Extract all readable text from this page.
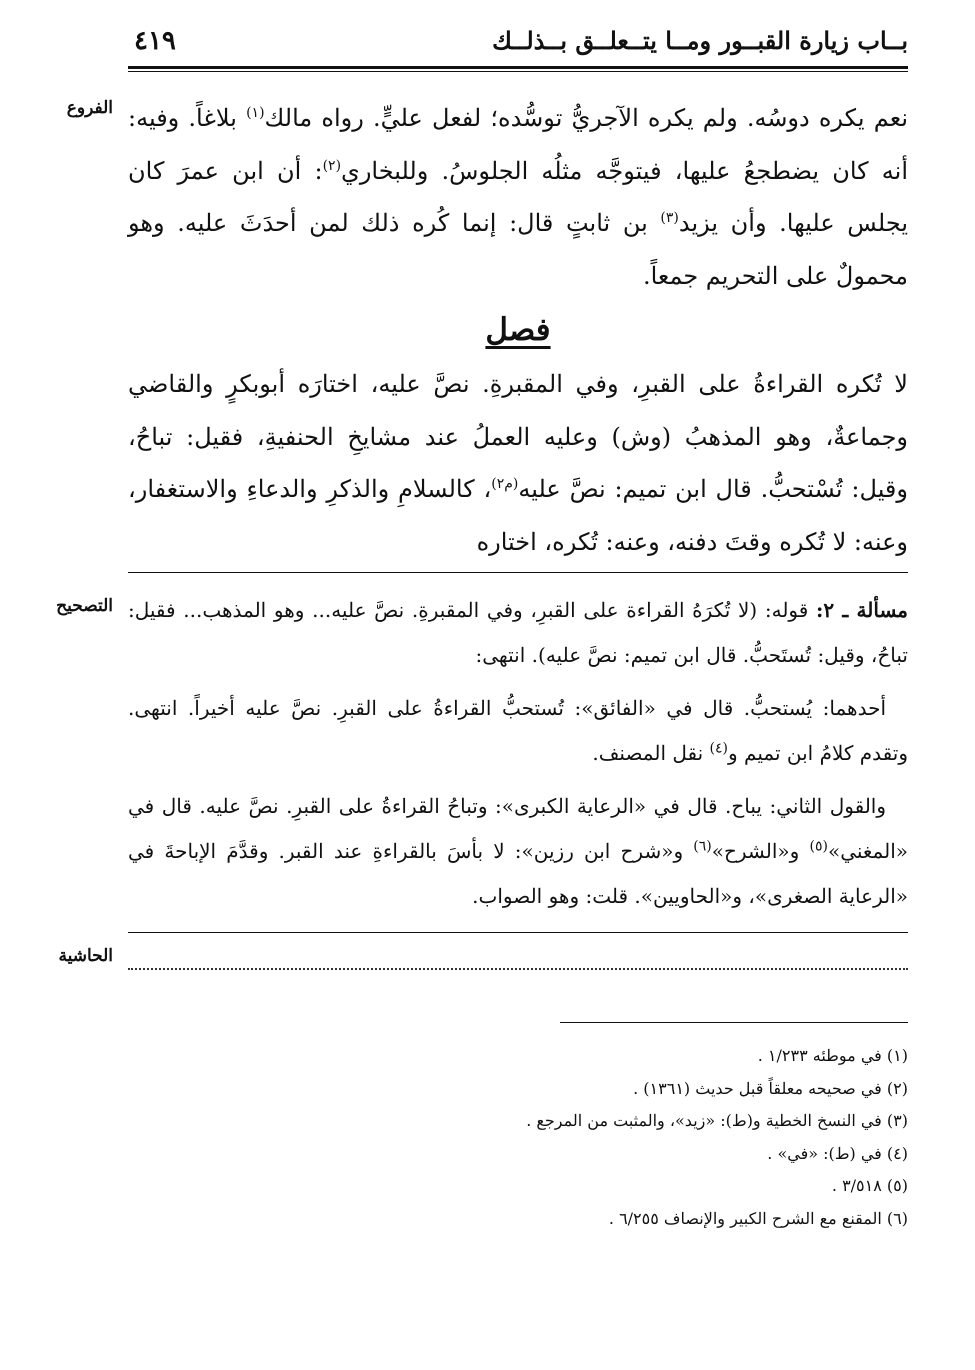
بــاب زيارة القبــور ومــا يتــعلــق بــذلــك
٤١٩
الفروع	نعم يكره دوسُه. ولم يكره الآجريُّ توسُّده؛ لفعل عليٍّ. رواه مالك$^{(١)}$ بلاغاً. وفيه: أنه كان يضطجعُ عليها، فيتوجَّه مثلُه الجلوسُ. وللبخاري$^{(٢)}$: أن ابن عمرَ كان يجلس عليها. وأن يزيد$^{(٣)}$ بن ثابتٍ قال: إنما كُره ذلك لمن أحدَثَ عليه. وهو محمولٌ على التحريم جمعاً.

فصل

لا تُكره القراءةُ على القبرِ، وفي المقبرةِ. نصَّ عليه، اختارَه أبوبكرٍ والقاضي وجماعةٌ، وهو المذهبُ (وش) وعليه العملُ عند مشايخِ الحنفيةِ، فقيل: تباحُ، وقيل: تُسْتحبُّ. قال ابن تميم: نصَّ عليه$^{(م٢)}$، كالسلامِ والذكرِ والدعاءِ والاستغفار، وعنه: لا تُكره وقتَ دفنه، وعنه: تُكره، اختاره

التصحيح	مسألة ـ ٢: قوله: (لا تُكرَهُ القراءة على القبرِ، وفي المقبرةِ. نصَّ عليه... وهو المذهب... فقيل: تباحُ، وقيل: تُستَحبُّ. قال ابن تميم: نصَّ عليه). انتهى:

أحدهما: يُستحبُّ. قال في «الفائق»: تُستحبُّ القراءةُ على القبرِ. نصَّ عليه أخيراً. انتهى. وتقدم كلامُ ابن تميم و$^{(٤)}$ نقل المصنف.

والقول الثاني: يباح. قال في «الرعاية الكبرى»: وتباحُ القراءةُ على القبرِ. نصَّ عليه. قال في «المغني»$^{(٥)}$ و«الشرح»$^{(٦)}$ و«شرح ابن رزين»: لا بأسَ بالقراءةِ عند القبر. وقدَّمَ الإباحةَ في «الرعاية الصغرى»، و«الحاويين». قلت: وهو الصواب.

الحاشية
(١) في موطئه ١/٢٣٣ .
(٢) في صحيحه معلقاً قبل حديث (١٣٦١) .
(٣) في النسخ الخطية و(ط): «زيد»، والمثبت من المرجع .
(٤) في (ط): «في» .
(٥) ٣/٥١٨ .
(٦) المقنع مع الشرح الكبير والإنصاف ٦/٢٥٥ .
